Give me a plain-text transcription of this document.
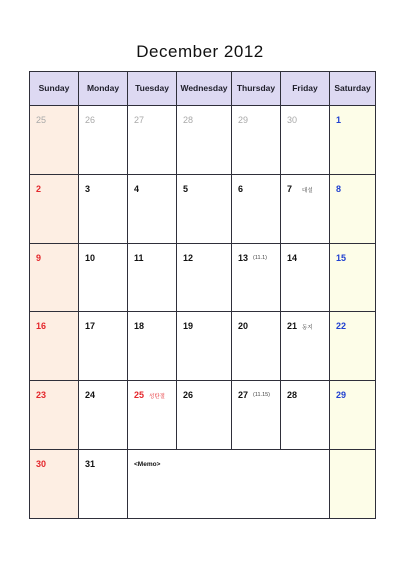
December 2012
Sunday	Monday	Tuesday	Wednesday	Thursday	Friday	Saturday

25	26	27	28	29	30	1

2	3	4	5	6	7 대설	8

9	10	11	12	13 (11.1)	14	15

16	17	18	19	20	21 동지	22

23	24	25 성탄절	26	27 (11.15)	28	29

30	31	<Memo>				
